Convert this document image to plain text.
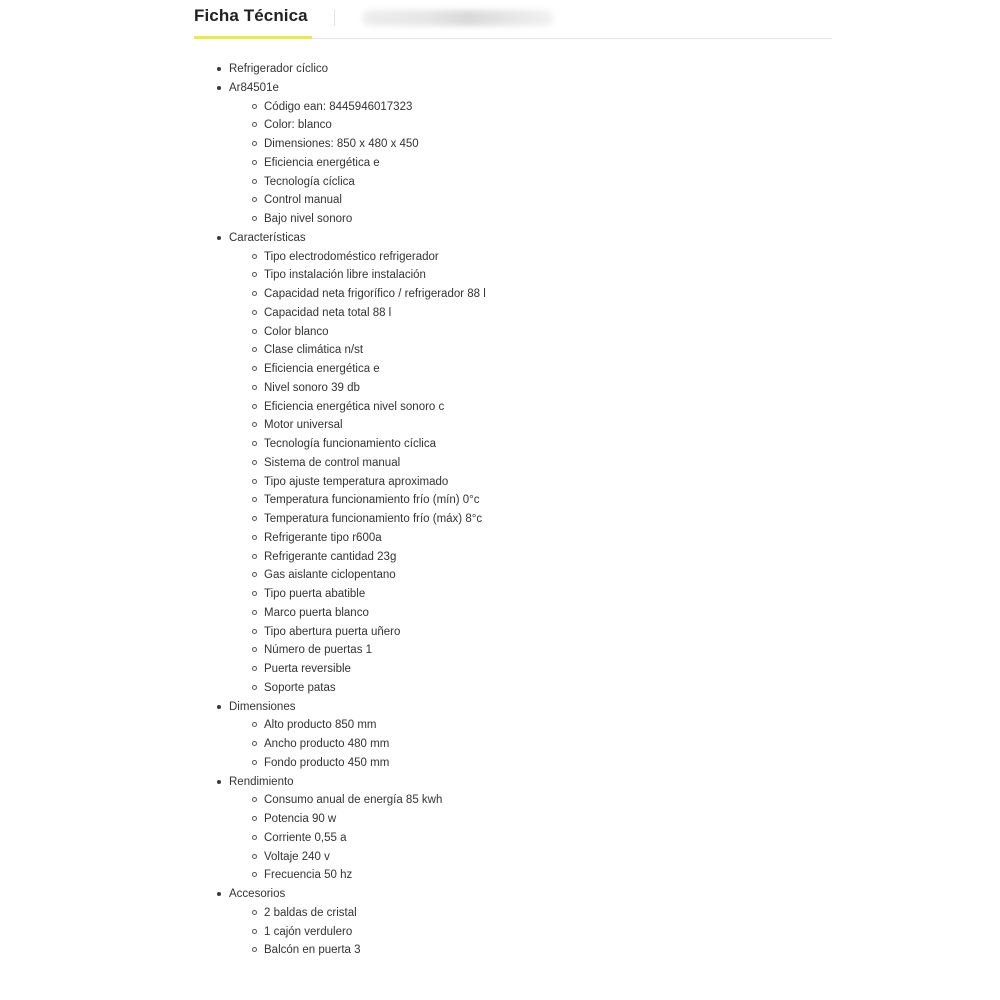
Ficha Técnica
Refrigerador cíclico
Ar84501e
Código ean: 8445946017323
Color: blanco
Dimensiones: 850 x 480 x 450
Eficiencia energética e
Tecnología cíclica
Control manual
Bajo nivel sonoro
Características
Tipo electrodoméstico refrigerador
Tipo instalación libre instalación
Capacidad neta frigorífico / refrigerador 88 l
Capacidad neta total 88 l
Color blanco
Clase climática n/st
Eficiencia energética e
Nivel sonoro 39 db
Eficiencia energética nivel sonoro c
Motor universal
Tecnología funcionamiento cíclica
Sistema de control manual
Tipo ajuste temperatura aproximado
Temperatura funcionamiento frío (mín) 0°c
Temperatura funcionamiento frío (máx) 8°c
Refrigerante tipo r600a
Refrigerante cantidad 23g
Gas aislante ciclopentano
Tipo puerta abatible
Marco puerta blanco
Tipo abertura puerta uñero
Número de puertas 1
Puerta reversible
Soporte patas
Dimensiones
Alto producto 850 mm
Ancho producto 480 mm
Fondo producto 450 mm
Rendimiento
Consumo anual de energía 85 kwh
Potencia 90 w
Corriente 0,55 a
Voltaje 240 v
Frecuencia 50 hz
Accesorios
2 baldas de cristal
1 cajón verdulero
Balcón en puerta 3
